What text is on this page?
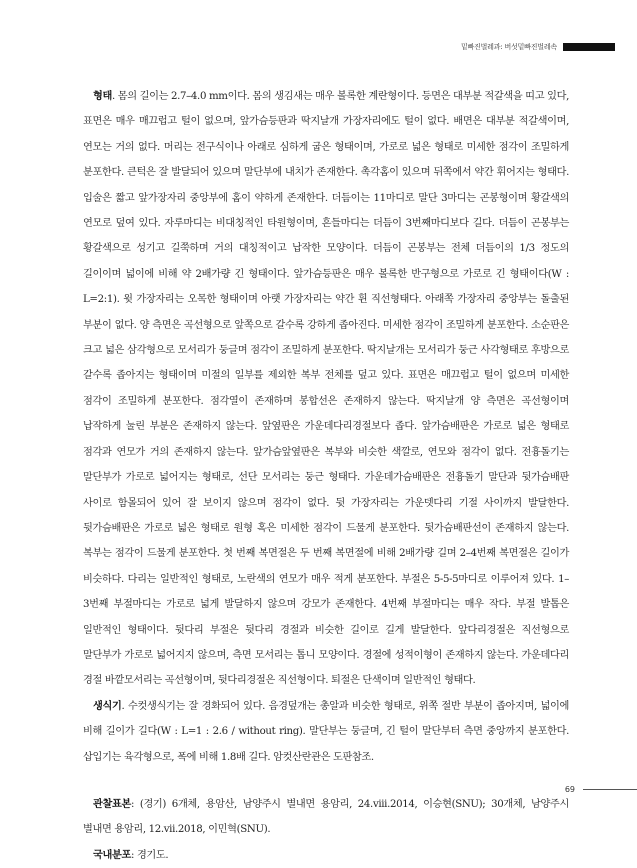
밑빠진벌레과: 버섯밑빠진벌레속

형태. 몸의 길이는 2.7–4.0 mm이다. 몸의 생김새는 매우 볼록한 계란형이다. 등면은 대부분 적갈색을 띠고 있다, 표면은 매우 매끄럽고 털이 없으며, 앞가슴등판과 딱지날개 가장자리에도 털이 없다. 배면은 대부분 적갈색이며, 연모는 거의 없다. 머리는 전구식이나 아래로 심하게 굽은 형태이며, 가로로 넓은 형태로 미세한 점각이 조밀하게 분포한다. 큰턱은 잘 발달되어 있으며 말단부에 내치가 존재한다. 촉각홈이 있으며 뒤쪽에서 약간 휘어지는 형태다. 입술은 짧고 앞가장자리 중앙부에 홈이 약하게 존재한다. 더듬이는 11마디로 말단 3마디는 곤봉형이며 황갈색의 연모로 덮여 있다. 자루마디는 비대칭적인 타원형이며, 흔들마디는 더듬이 3번째마디보다 길다. 더듬이 곤봉부는 황갈색으로 성기고 길쭉하며 거의 대칭적이고 납작한 모양이다. 더듬이 곤봉부는 전체 더듬이의 1/3 정도의 길이이며 넓이에 비해 약 2배가량 긴 형태이다. 앞가슴등판은 매우 볼록한 반구형으로 가로로 긴 형태이다(W : L=2:1). 윗 가장자리는 오목한 형태이며 아랫 가장자리는 약간 휜 직선형태다. 아래쪽 가장자리 중앙부는 돌출된 부분이 없다. 양 측면은 곡선형으로 앞쪽으로 갈수록 강하게 좁아진다. 미세한 점각이 조밀하게 분포한다. 소순판은 크고 넓은 삼각형으로 모서리가 둥글며 점각이 조밀하게 분포한다. 딱지날개는 모서리가 둥근 사각형태로 후방으로 갈수록 좁아지는 형태이며 미절의 일부를 제외한 복부 전체를 덮고 있다. 표면은 매끄럽고 털이 없으며 미세한 점각이 조밀하게 분포한다. 점각열이 존재하며 봉합선은 존재하지 않는다. 딱지날개 양 측면은 곡선형이며 납작하게 눌린 부분은 존재하지 않는다. 앞옆판은 가운데다리경절보다 좁다. 앞가슴배판은 가로로 넓은 형태로 점각과 연모가 거의 존재하지 않는다. 앞가슴앞옆판은 복부와 비슷한 색깔로, 연모와 점각이 없다. 전흉돌기는 말단부가 가로로 넓어지는 형태로, 선단 모서리는 둥근 형태다. 가운데가슴배판은 전흉돌기 말단과 뒷가슴배판 사이로 함몰되어 있어 잘 보이지 않으며 점각이 없다. 뒷 가장자리는 가운뎃다리 기절 사이까지 발달한다. 뒷가슴배판은 가로로 넓은 형태로 원형 혹은 미세한 점각이 드물게 분포한다. 뒷가슴배판선이 존재하지 않는다. 복부는 점각이 드물게 분포한다. 첫 번째 복면절은 두 번째 복면절에 비해 2배가량 길며 2–4번째 복면절은 길이가 비슷하다. 다리는 일반적인 형태로, 노란색의 연모가 매우 적게 분포한다. 부절은 5-5-5마디로 이루어져 있다. 1–3번째 부절마디는 가로로 넓게 발달하지 않으며 강모가 존재한다. 4번째 부절마디는 매우 작다. 부절 발톱은 일반적인 형태이다. 뒷다리 부절은 뒷다리 경절과 비슷한 길이로 길게 발달한다. 앞다리경절은 직선형으로 말단부가 가로로 넓어지지 않으며, 측면 모서리는 톱니 모양이다. 경절에 성적이형이 존재하지 않는다. 가운데다리 경절 바깥모서리는 곡선형이며, 뒷다리경절은 직선형이다. 퇴절은 단색이며 일반적인 형태다.

생식기. 수컷생식기는 잘 경화되어 있다. 음경덮개는 총알과 비슷한 형태로, 위쪽 절반 부분이 좁아지며, 넓이에 비해 길이가 길다(W : L=1 : 2.6 / without ring). 말단부는 둥글며, 긴 털이 말단부터 측면 중앙까지 분포한다. 삽입기는 육각형으로, 폭에 비해 1.8배 길다. 암컷산란관은 도판참조.

관찰표본: (경기) 6개체, 용암산, 남양주시 별내면 용암리, 24.viii.2014, 이승현(SNU); 30개체, 남양주시 별내면 용암리, 12.vii.2018, 이민혁(SNU).

국내분포: 경기도.

69
